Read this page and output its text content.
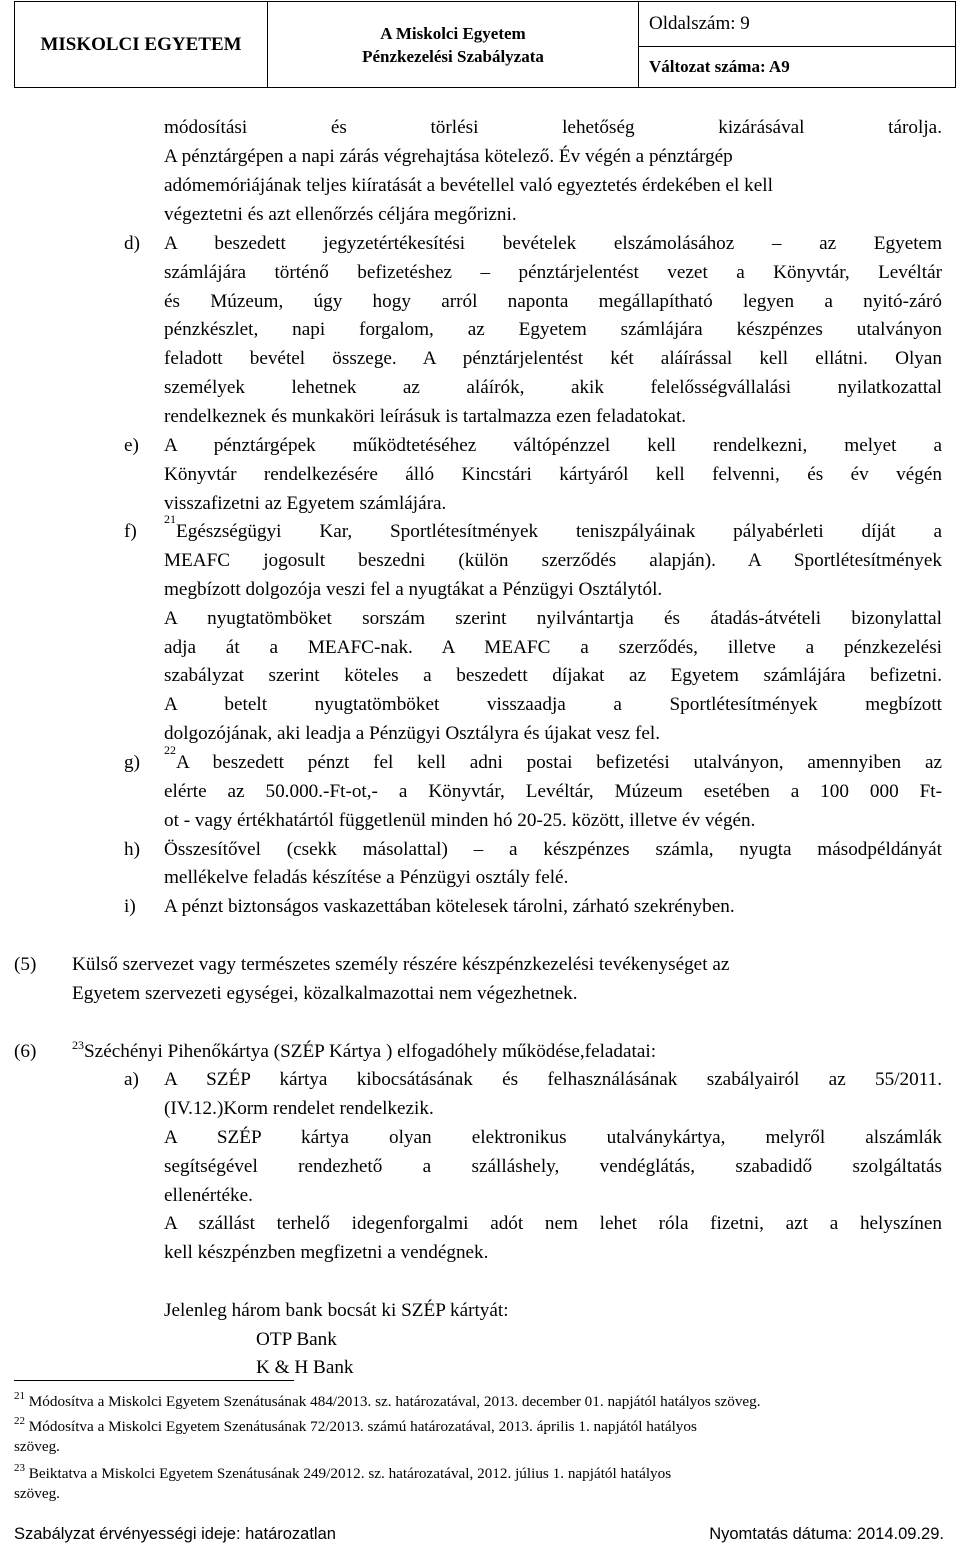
MISKOLCI EGYETEM	
A Miskolci Egyetem
Pénzkezelési Szabályzata
	Oldalszám: 9
Változat száma: A9
módosítási és törlési lehetőség kizárásával tárolja.
A pénztárgépen a napi zárás végrehajtása kötelező. Év végén a pénztárgép
adómemóriájának teljes kiíratását a bevétellel való egyeztetés érdekében el kell
végeztetni és azt ellenőrzés céljára megőrizni.
d) A beszedett jegyzetértékesítési bevételek elszámolásához – az Egyetem
számlájára történő befizetéshez – pénztárjelentést vezet a Könyvtár, Levéltár
és Múzeum, úgy hogy arról naponta megállapítható legyen a nyitó-záró
pénzkészlet, napi forgalom, az Egyetem számlájára készpénzes utalványon
feladott bevétel összege. A pénztárjelentést két aláírással kell ellátni. Olyan
személyek lehetnek az aláírók, akik felelősségvállalási nyilatkozattal
rendelkeznek és munkaköri leírásuk is tartalmazza ezen feladatokat.
e) A pénztárgépek működtetéséhez váltópénzzel kell rendelkezni, melyet a
Könyvtár rendelkezésére álló Kincstári kártyáról kell felvenni, és év végén
visszafizetni az Egyetem számlájára.
f)
$^{21}$
Egészségügyi Kar, Sportlétesítmények teniszpályáinak pályabérleti díját a
MEAFC jogosult beszedni (külön szerződés alapján). A Sportlétesítmények
megbízott dolgozója veszi fel a nyugtákat a Pénzügyi Osztálytól.
A nyugtatömböket sorszám szerint nyilvántartja és átadás-átvételi bizonylattal
adja át a MEAFC-nak. A MEAFC a szerződés, illetve a pénzkezelési
szabályzat szerint köteles a beszedett díjakat az Egyetem számlájára befizetni.
A betelt nyugtatömböket visszaadja a Sportlétesítmények megbízott
dolgozójának, aki leadja a Pénzügyi Osztályra és újakat vesz fel.
g)
$^{22}$
A beszedett pénzt fel kell adni postai befizetési utalványon, amennyiben az
elérte az 50.000.-Ft-ot,- a Könyvtár, Levéltár, Múzeum esetében a 100 000 Ft-
ot - vagy értékhatártól függetlenül minden hó 20-25. között, illetve év végén.
h) Összesítővel (csekk másolattal) – a készpénzes számla, nyugta másodpéldányát
mellékelve feladás készítése a Pénzügyi osztály felé.
i) A pénzt biztonságos vaskazettában kötelesek tárolni, zárható szekrényben.
(5) Külső szervezet vagy természetes személy részére készpénzkezelési tevékenységet az
Egyetem szervezeti egységei, közalkalmazottai nem végezhetnek.
(6)	$^{23}$Széchényi Pihenőkártya (SZÉP Kártya ) elfogadóhely működése,feladatai:
a) A SZÉP kártya kibocsátásának és felhasználásának szabályairól az 55/2011.
(IV.12.)Korm rendelet rendelkezik.
A SZÉP kártya olyan elektronikus utalványkártya, melyről alszámlák
segítségével rendezhető a szálláshely, vendéglátás, szabadidő szolgáltatás
ellenértéke.
A szállást terhelő idegenforgalmi adót nem lehet róla fizetni, azt a helyszínen
kell készpénzben megfizetni a vendégnek.
Jelenleg három bank bocsát ki SZÉP kártyát:
OTP Bank
K & H Bank
$^{21}$ Módosítva a Miskolci Egyetem Szenátusának 484/2013. sz. határozatával, 2013. december 01. napjától hatályos szöveg.
$^{22}$ Módosítva a Miskolci Egyetem Szenátusának 72/2013. számú határozatával, 2013. április 1. napjától hatályos
szöveg.
$^{23}$ Beiktatva a Miskolci Egyetem Szenátusának 249/2012. sz. határozatával, 2012. július 1. napjától hatályos
szöveg.
Szabályzat érvényességi ideje: határozatlan	Nyomtatás dátuma: 2014.09.29.
